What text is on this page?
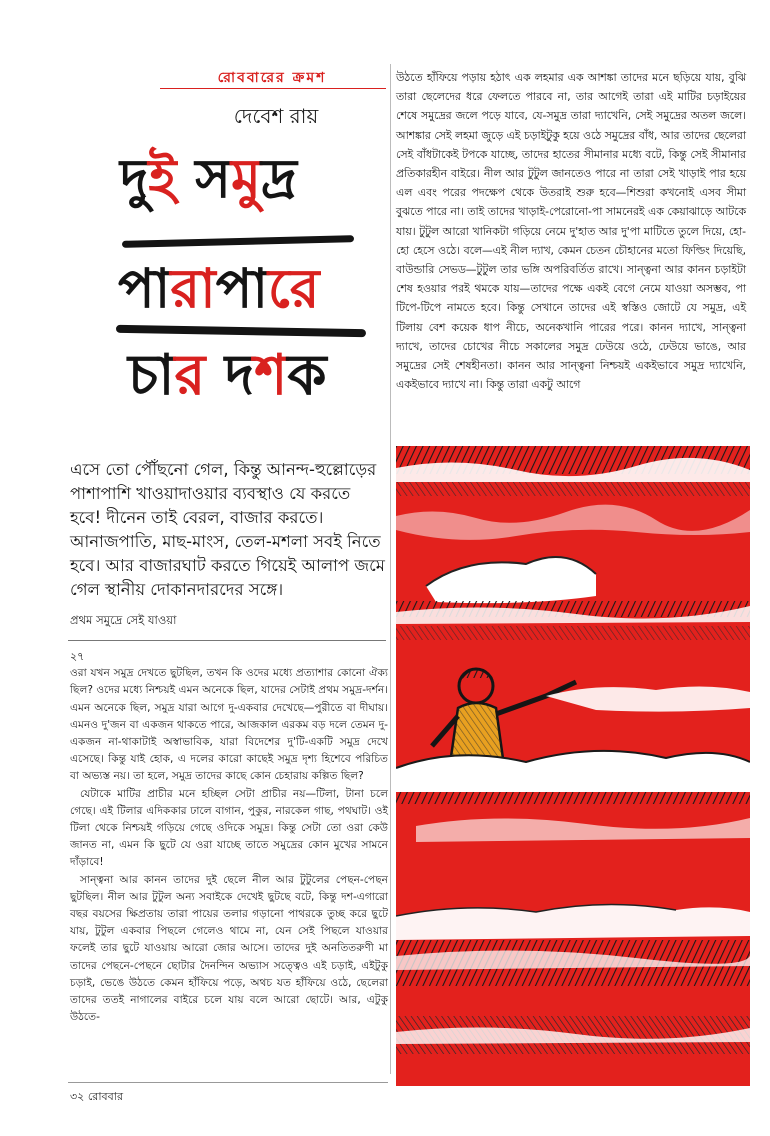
রোববারের ক্রমশ
দেবেশ রায়
দুই সমুদ্র
পারাপারে
চার দশক
এসে তো পৌঁছনো গেল, কিন্তু আনন্দ-হুল্লোড়ের পাশাপাশি খাওয়াদাওয়ার ব্যবস্থাও যে করতে হবে! দীনেন তাই বেরল, বাজার করতে। আনাজপাতি, মাছ-মাংস, তেল-মশলা সবই নিতে হবে। আর বাজারঘাট করতে গিয়েই আলাপ জমে গেল স্থানীয় দোকানদারদের সঙ্গে।
প্রথম সমুদ্রে সেই যাওয়া

২৭

ওরা যখন সমুদ্র দেখতে ছুটছিল, তখন কি ওদের মধ্যে প্রত্যাশার কোনো ঐক্য ছিল? ওদের মধ্যে নিশ্চয়ই এমন অনেকে ছিল, যাদের সেটাই প্রথম সমুদ্র-দর্শন। এমন অনেকে ছিল, সমুদ্র যারা আগে দু-একবার দেখেছে—পুরীতে বা দীঘায়। এমনও দু'জন বা একজন থাকতে পারে, আজকাল এরকম বড় দলে তেমন দু-একজন না-থাকাটাই অস্বাভাবিক, যারা বিদেশের দু'টি-একটি সমুদ্র দেখে এসেছে। কিন্তু যাই হোক, এ দলের কারো কাছেই সমুদ্র দৃশ্য হিশেবে পরিচিত বা অভ্যস্ত নয়। তা হলে, সমুদ্র তাদের কাছে কোন চেহারায় কল্পিত ছিল?

যেটাকে মাটির প্রাচীর মনে হচ্ছিল সেটা প্রাচীর নয়—টিলা, টানা চলে গেছে। এই টিলার এদিককার ঢালে বাগান, পুকুর, নারকেল গাছ, পথঘাট। ওই টিলা থেকে নিশ্চয়ই গড়িয়ে গেছে ওদিকে সমুদ্র। কিন্তু সেটা তো ওরা কেউ জানত না, এমন কি ছুটে যে ওরা যাচ্ছে তাতে সমুদ্রের কোন মুখের সামনে দাঁড়াবে!

সান্ত্বনা আর কানন তাদের দুই ছেলে নীল আর টুটুলের পেছন-পেছন ছুটছিল। নীল আর টুটুল অন্য সবাইকে দেখেই ছুটছে বটে, কিন্তু দশ-এগারো বছর বয়সের ক্ষিপ্রতায় তারা পায়ের তলার গড়ানো পাথরকে তুচ্ছ করে ছুটে যায়, টুটুল একবার পিছলে গেলেও থামে না, যেন সেই পিছলে যাওয়ার ফলেই তার ছুটে যাওয়ায় আরো জোর আসে। তাদের দুই অনতিতরুণী মা তাদের পেছনে-পেছনে ছোটার দৈনন্দিন অভ্যাস সত্ত্বেও এই চড়াই, এইটুকু চড়াই, ভেঙে উঠতে কেমন হাঁফিয়ে পড়ে, অথচ যত হাঁফিয়ে ওঠে, ছেলেরা তাদের ততই নাগালের বাইরে চলে যায় বলে আরো ছোটে। আর, এটুকু উঠতে-

উঠতে হাঁফিয়ে পড়ায় হঠাৎ এক লহমার এক আশঙ্কা তাদের মনে ছড়িয়ে যায়, বুঝি তারা ছেলেদের ধরে ফেলতে পারবে না, তার আগেই তারা এই মাটির চড়াইয়ের শেষে সমুদ্রের জলে পড়ে যাবে, যে-সমুদ্র তারা দ্যাখেনি, সেই সমুদ্রের অতল জলে। আশঙ্কার সেই লহমা জুড়ে এই চড়াইটুকু হয়ে ওঠে সমুদ্রের বাঁধ, আর তাদের ছেলেরা সেই বাঁধটাকেই টপকে যাচ্ছে, তাদের হাতের সীমানার মধ্যে বটে, কিন্তু সেই সীমানার প্রতিকারহীন বাইরে। নীল আর টুটুল জানতেও পারে না তারা সেই খাড়াই পার হয়ে এল এবং পরের পদক্ষেপ থেকে উতরাই শুরু হবে—শিশুরা কখনোই এসব সীমা বুঝতে পারে না। তাই তাদের খাড়াই-পেরোনো-পা সামনেরই এক কেয়াঝাড়ে আটকে যায়। টুটুল আরো খানিকটা গড়িয়ে নেমে দু'হাত আর দু'পা মাটিতে তুলে দিয়ে, হো-হো হেসে ওঠে। বলে—এই নীল দ্যাখ, কেমন চেতন চৌহানের মতো ফিল্ডিং দিয়েছি, বাউন্ডারি সেভড—টুটুল তার ভঙ্গি অপরিবর্তিত রাখে। সান্ত্বনা আর কানন চড়াইটা শেষ হওয়ার পরই থমকে যায়—তাদের পক্ষে একই বেগে নেমে যাওয়া অসম্ভব, পা টিপে-টিপে নামতে হবে। কিন্তু সেখানে তাদের এই স্বস্তিও জোটে যে সমুদ্র, এই টিলায় বেশ কয়েক ধাপ নীচে, অনেকখানি পারের পরে। কানন দ্যাখে, সান্ত্বনা দ্যাখে, তাদের চোখের নীচে সকালের সমুদ্র ঢেউয়ে ওঠে, ঢেউয়ে ভাঙে, আর সমুদ্রের সেই শেষহীনতা। কানন আর সান্ত্বনা নিশ্চয়ই একইভাবে সমুদ্র দ্যাখেনি, একইভাবে দ্যাখে না। কিন্তু তারা একটু আগে

৩২ রোববার
